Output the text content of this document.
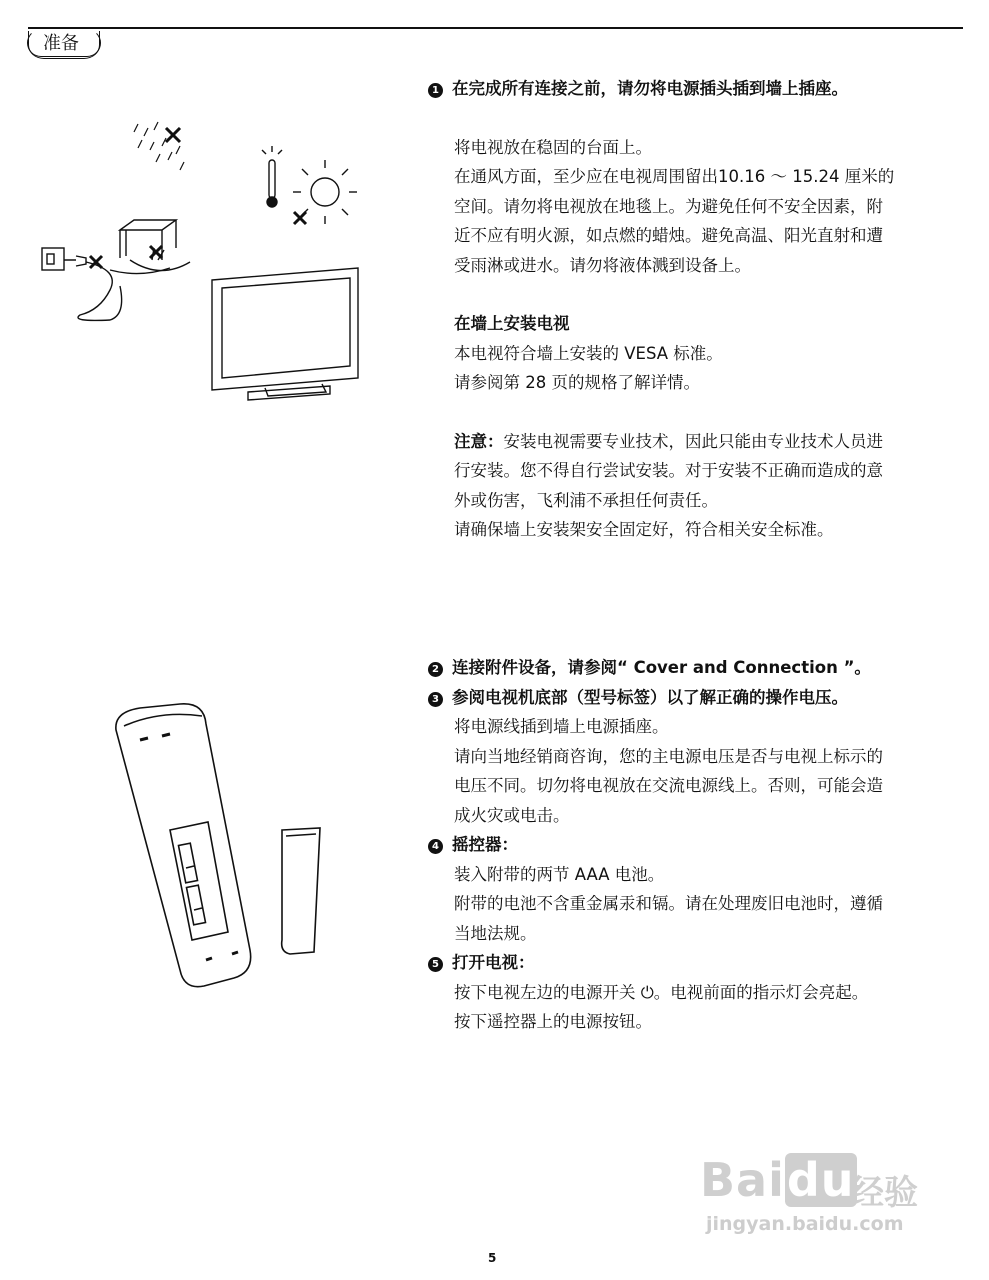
准备
1 在完成所有连接之前，请勿将电源插头插到墙上插座。
将电视放在稳固的台面上。
在通风方面，至少应在电视周围留出10.16 ～ 15.24 厘米的
空间。请勿将电视放在地毯上。为避免任何不安全因素，附
近不应有明火源，如点燃的蜡烛。避免高温、阳光直射和遭
受雨淋或进水。请勿将液体溅到设备上。
在墙上安装电视
本电视符合墙上安装的 VESA 标准。
请参阅第 28 页的规格了解详情。
注意：安装电视需要专业技术，因此只能由专业技术人员进
行安装。您不得自行尝试安装。对于安装不正确而造成的意
外或伤害，飞利浦不承担任何责任。
请确保墙上安装架安全固定好，符合相关安全标准。
2 连接附件设备，请参阅“ Cover and Connection ”。
3 参阅电视机底部（型号标签）以了解正确的操作电压。
将电源线插到墙上电源插座。
请向当地经销商咨询，您的主电源电压是否与电视上标示的
电压不同。切勿将电视放在交流电源线上。否则，可能会造
成火灾或电击。
4 摇控器：
装入附带的两节 AAA 电池。
附带的电池不含重金属汞和镉。请在处理废旧电池时，遵循
当地法规。
5 打开电视：
按下电视左边的电源开关 ⏻。电视前面的指示灯会亮起。
按下遥控器上的电源按钮。
Baidu
经验
jingyan.baidu.com
5
